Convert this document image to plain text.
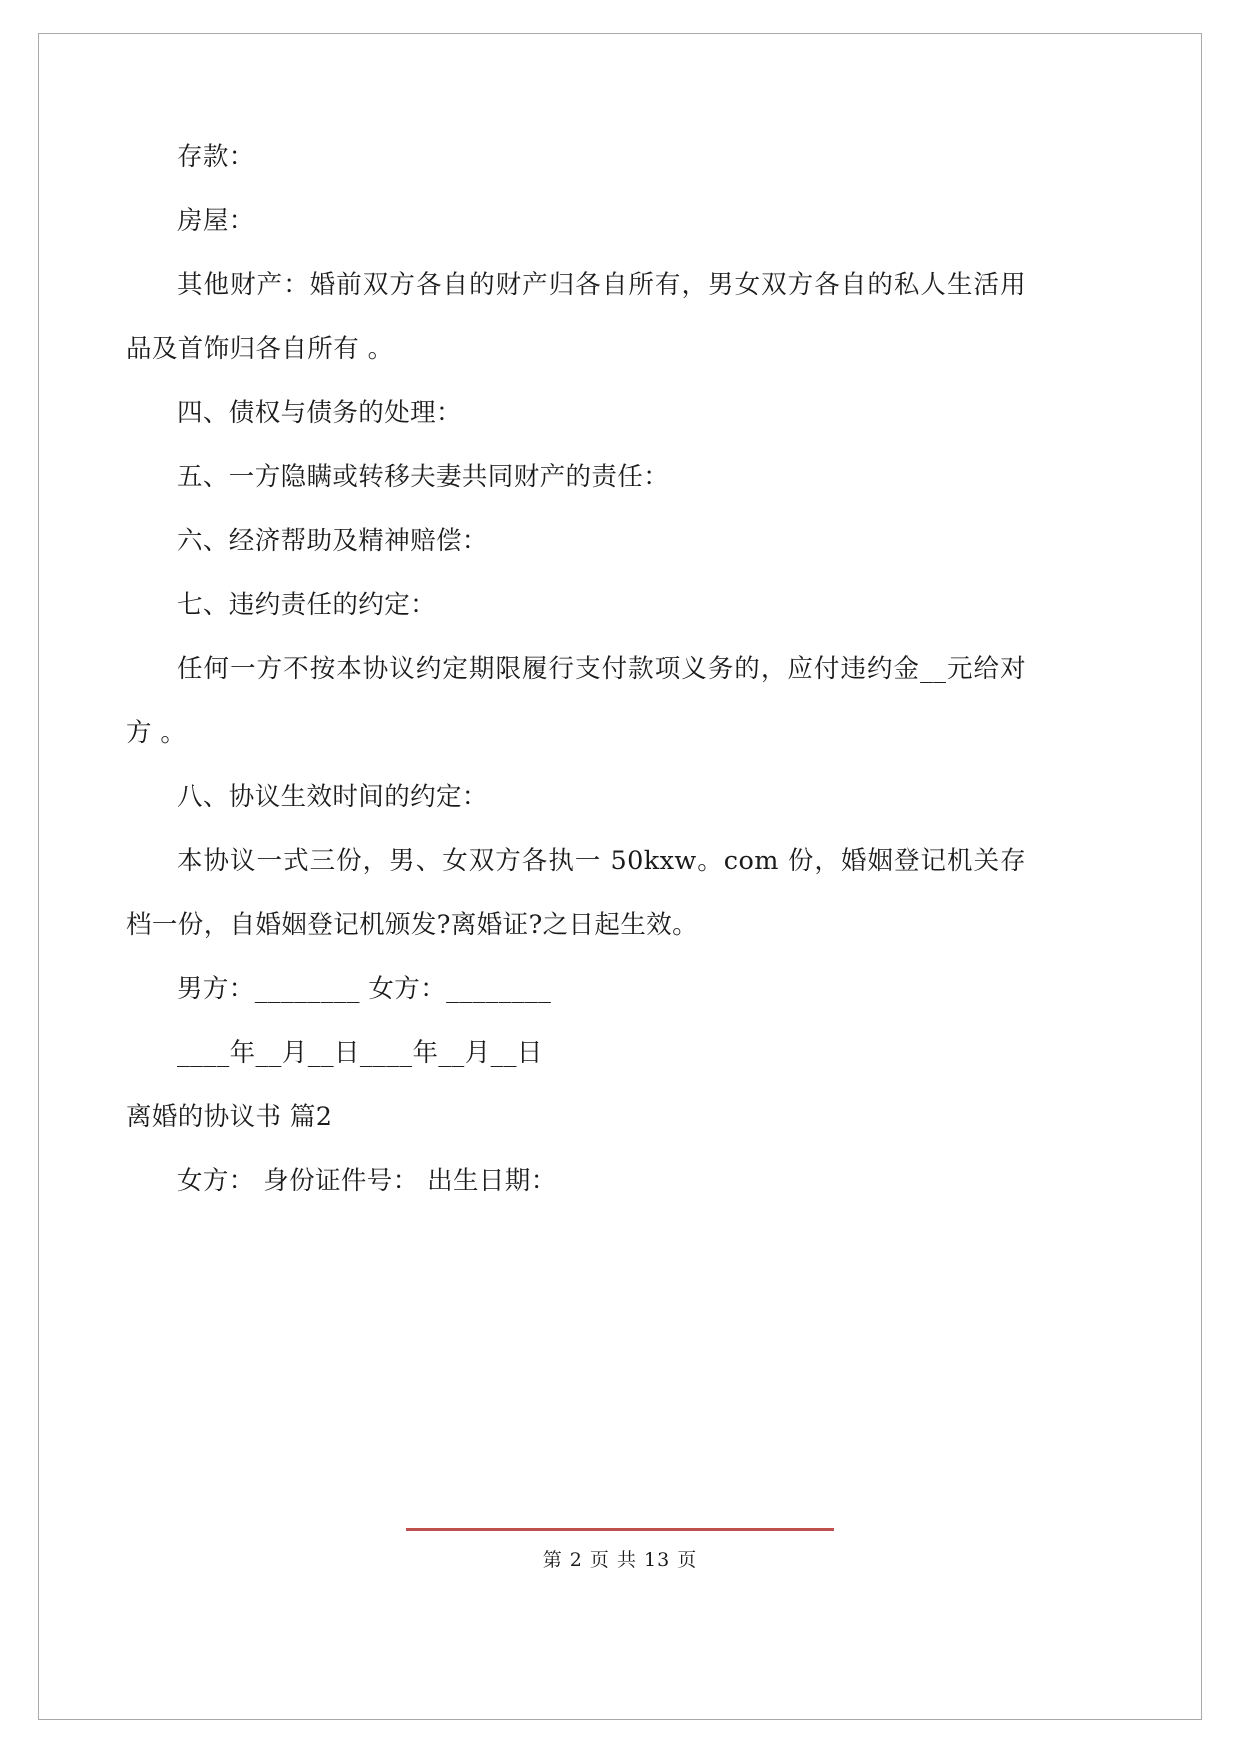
存款：

房屋：

其他财产：婚前双方各自的财产归各自所有，男女双方各自的私人生活用品及首饰归各自所有 。

四、债权与债务的处理：

五、一方隐瞒或转移夫妻共同财产的责任：

六、经济帮助及精神赔偿：

七、违约责任的约定：

任何一方不按本协议约定期限履行支付款项义务的，应付违约金__元给对方 。

八、协议生效时间的约定：

本协议一式三份，男、女双方各执一 50kxw。com 份，婚姻登记机关存档一份，自婚姻登记机颁发?离婚证?之日起生效。

男方：________ 女方：________

____年__月__日____年__月__日

离婚的协议书 篇2

女方： 身份证件号： 出生日期：

第 2 页 共 13 页
